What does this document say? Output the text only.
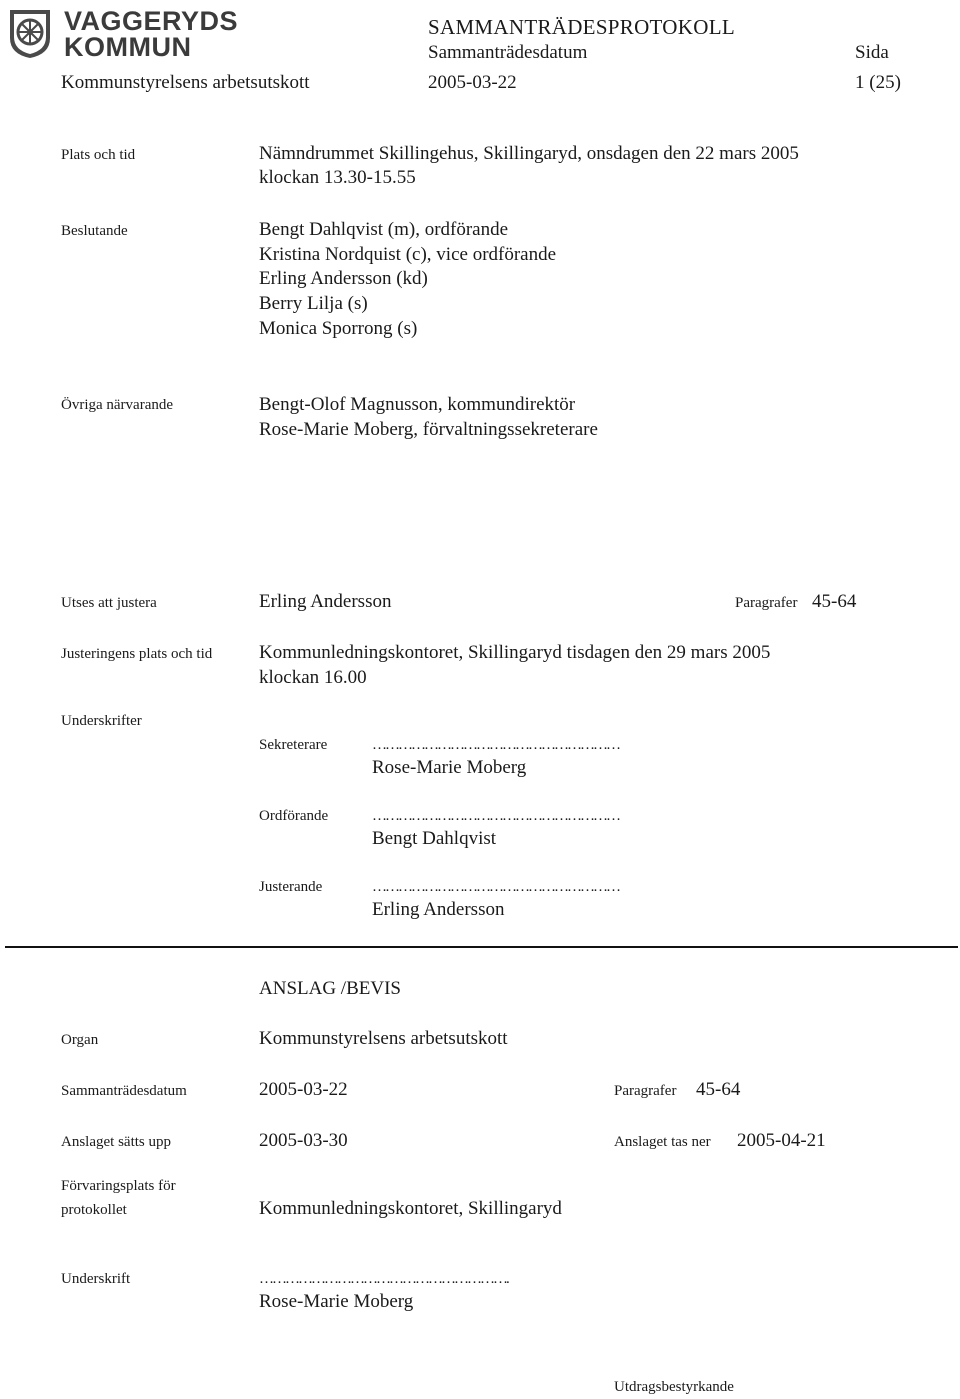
VAGGERYDS
KOMMUN
SAMMANTRÄDESPROTOKOLL
Sammanträdesdatum	Sida
Kommunstyrelsens arbetsutskott	2005-03-22	1 (25)
Plats och tid	Nämndrummet Skillingehus, Skillingaryd, onsdagen den 22 mars 2005
klockan 13.30-15.55
Beslutande	Bengt Dahlqvist (m), ordförande
Kristina Nordquist (c), vice ordförande
Erling Andersson (kd)
Berry Lilja (s)
Monica Sporrong (s)
Övriga närvarande	Bengt-Olof Magnusson, kommundirektör
Rose-Marie Moberg, förvaltningssekreterare
Utses att justera	Erling Andersson	Paragrafer 45-64
Justeringens plats och tid Kommunledningskontoret, Skillingaryd tisdagen den 29 mars 2005
klockan 16.00
Underskrifter
Sekreterare	…………………………………………………
Rose-Marie Moberg
Ordförande	…………………………………………………
Bengt Dahlqvist
Justerande	…………………………………………………
Erling Andersson
ANSLAG /BEVIS
Organ	Kommunstyrelsens arbetsutskott
Sammanträdesdatum	2005-03-22	Paragrafer 45-64
Anslaget sätts upp	2005-03-30	Anslaget tas ner 2005-04-21
Förvaringsplats för
protokollet	Kommunledningskontoret, Skillingaryd
Underskrift	………………………………………………….
Rose-Marie Moberg
Utdragsbestyrkande
